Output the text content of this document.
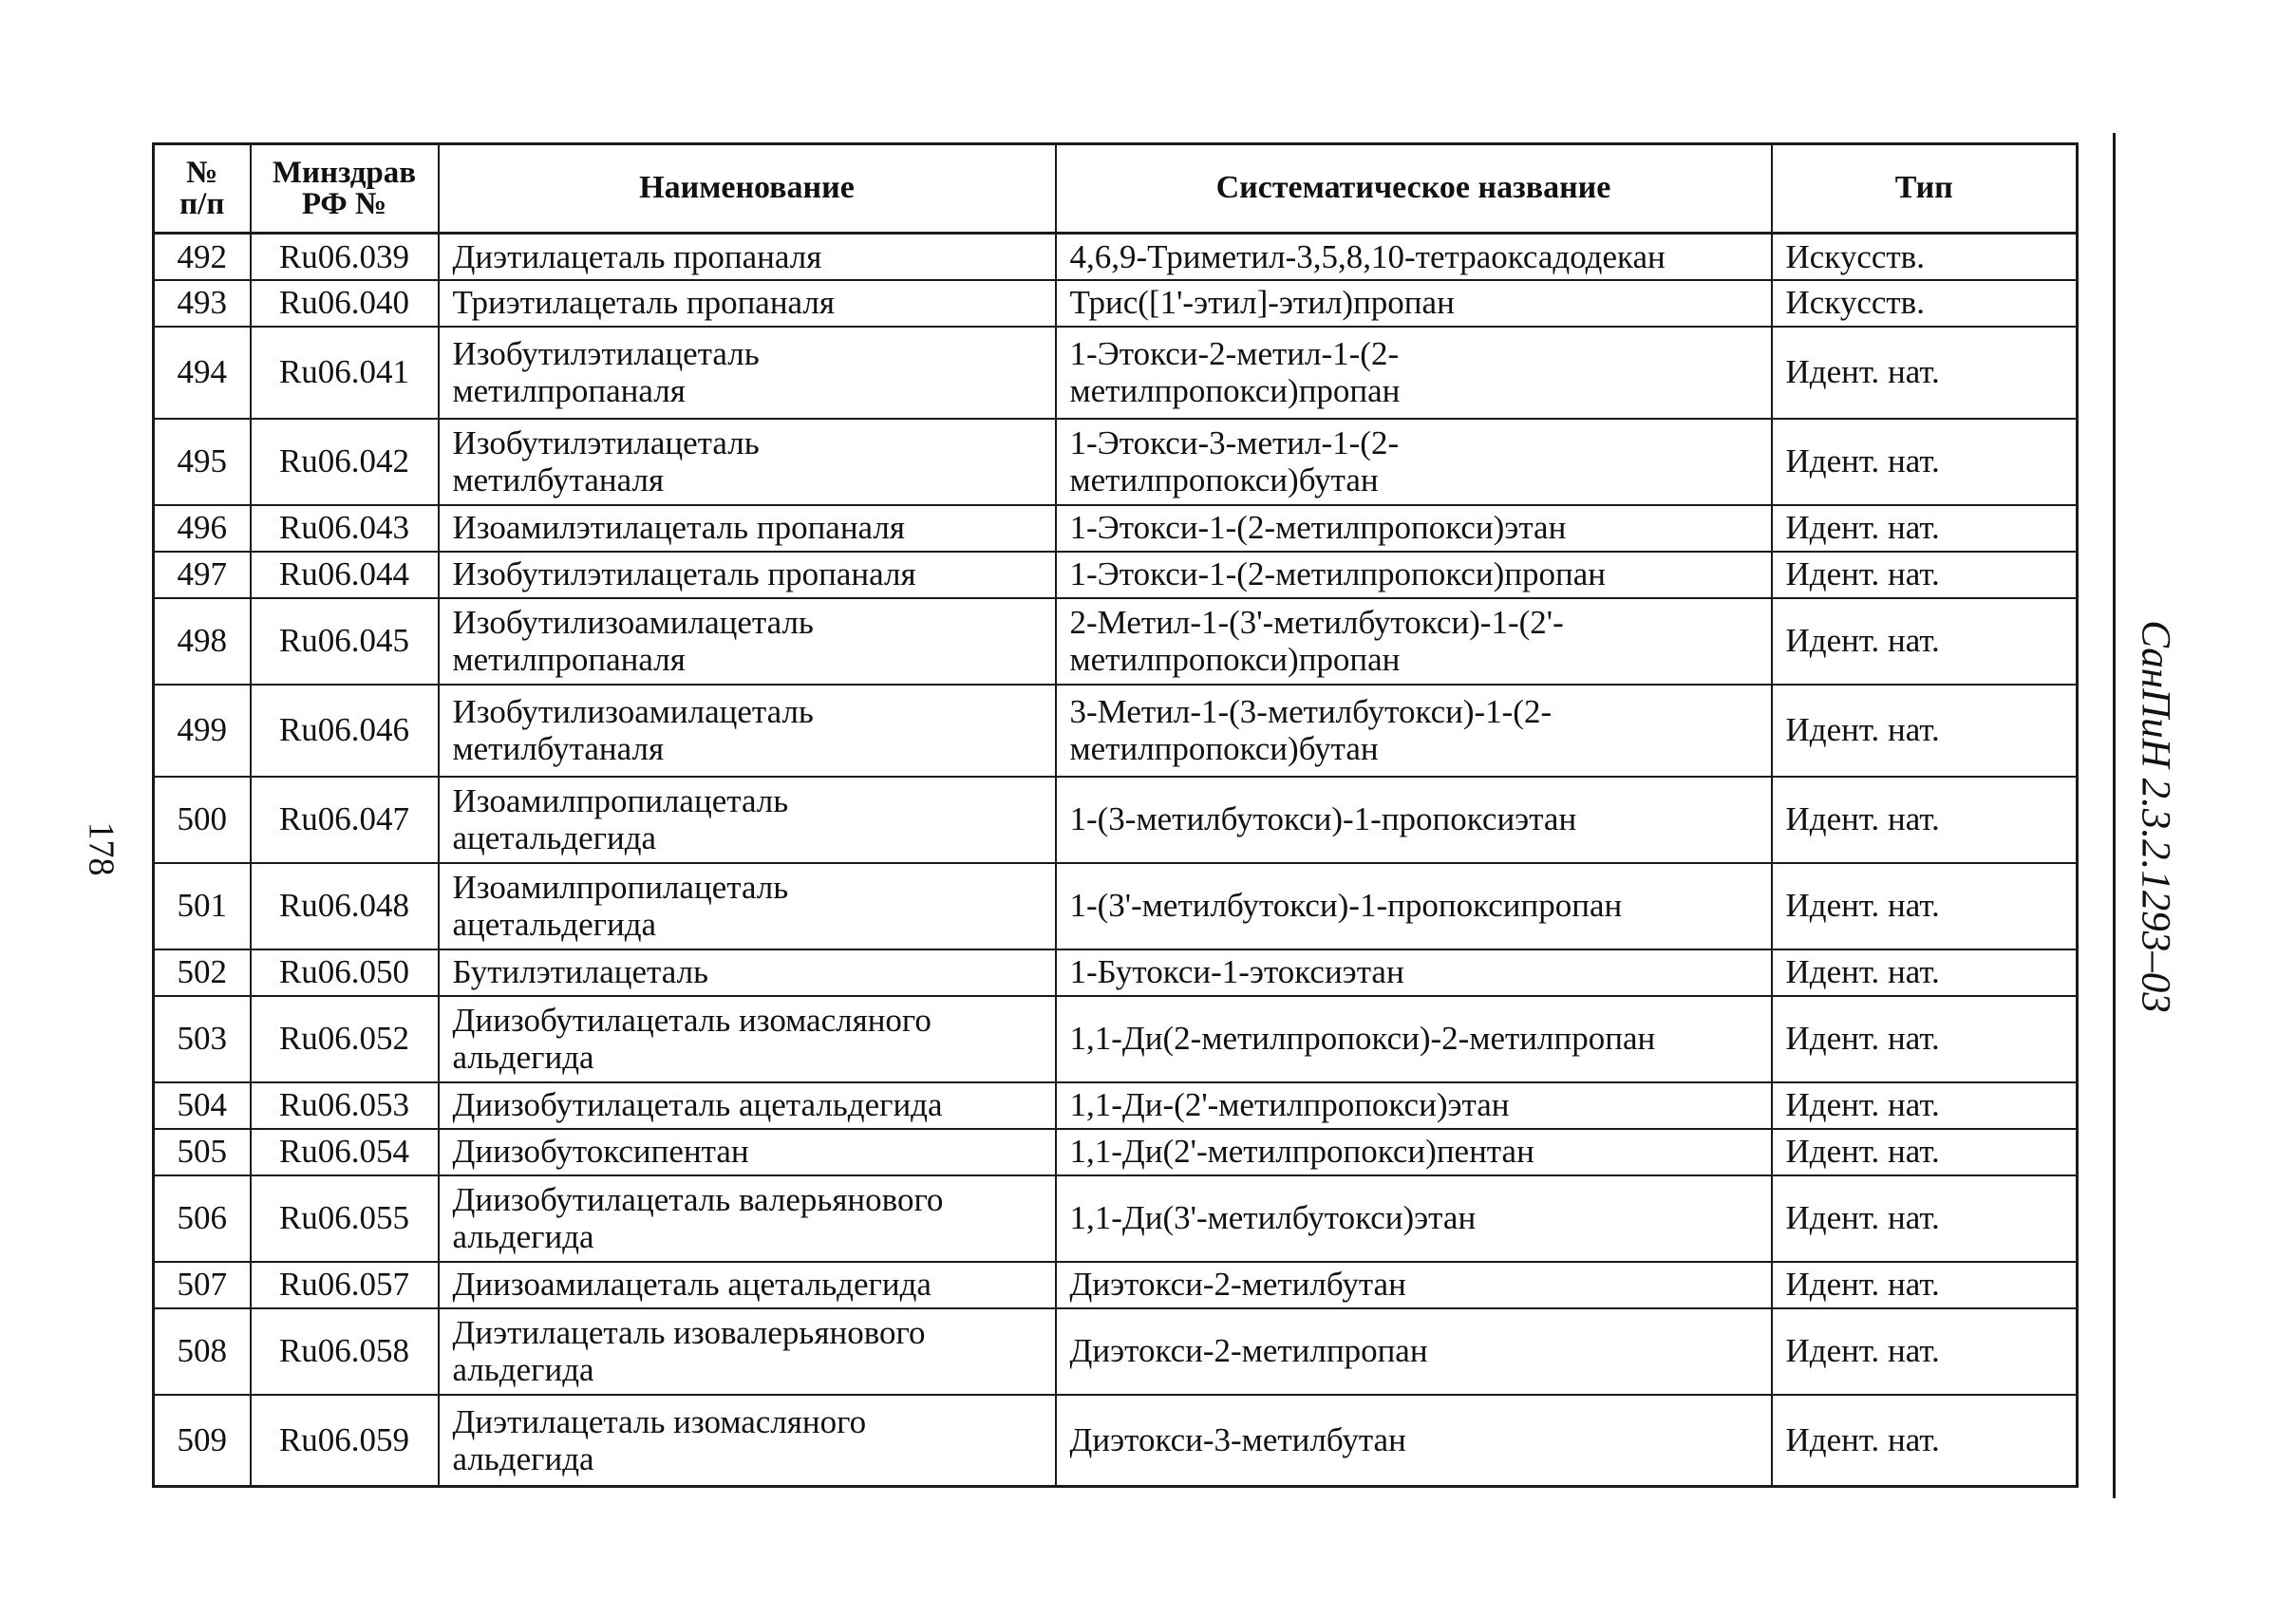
178	СанПиН 2.3.2.1293–03
№
п/п	Минздрав
РФ №	Наименование	Систематическое название	Тип
492	Ru06.039	Диэтилацеталь пропаналя	4,6,9-Триметил-3,5,8,10-тетраоксадодекан	Искусств.
493	Ru06.040	Триэтилацеталь пропаналя	Трис([1'-этил]-этил)пропан	Искусств.
494	Ru06.041	Изобутилэтилацеталь
метилпропаналя	1-Этокси-2-метил-1-(2-
метилпропокси)пропан	Идент. нат.
495	Ru06.042	Изобутилэтилацеталь
метилбутаналя	1-Этокси-3-метил-1-(2-
метилпропокси)бутан	Идент. нат.
496	Ru06.043	Изоамилэтилацеталь пропаналя	1-Этокси-1-(2-метилпропокси)этан	Идент. нат.
497	Ru06.044	Изобутилэтилацеталь пропаналя	1-Этокси-1-(2-метилпропокси)пропан	Идент. нат.
498	Ru06.045	Изобутилизоамилацеталь
метилпропаналя	2-Метил-1-(3'-метилбутокси)-1-(2'-
метилпропокси)пропан	Идент. нат.
499	Ru06.046	Изобутилизоамилацеталь
метилбутаналя	3-Метил-1-(3-метилбутокси)-1-(2-
метилпропокси)бутан	Идент. нат.
500	Ru06.047	Изоамилпропилацеталь
ацетальдегида	1-(3-метилбутокси)-1-пропоксиэтан	Идент. нат.
501	Ru06.048	Изоамилпропилацеталь
ацетальдегида	1-(3'-метилбутокси)-1-пропоксипропан	Идент. нат.
502	Ru06.050	Бутилэтилацеталь	1-Бутокси-1-этоксиэтан	Идент. нат.
503	Ru06.052	Диизобутилацеталь изомасляного
альдегида	1,1-Ди(2-метилпропокси)-2-метилпропан	Идент. нат.
504	Ru06.053	Диизобутилацеталь ацетальдегида	1,1-Ди-(2'-метилпропокси)этан	Идент. нат.
505	Ru06.054	Диизобутоксипентан	1,1-Ди(2'-метилпропокси)пентан	Идент. нат.
506	Ru06.055	Диизобутилацеталь валерьянового
альдегида	1,1-Ди(3'-метилбутокси)этан	Идент. нат.
507	Ru06.057	Диизоамилацеталь ацетальдегида	Диэтокси-2-метилбутан	Идент. нат.
508	Ru06.058	Диэтилацеталь изовалерьянового
альдегида	Диэтокси-2-метилпропан	Идент. нат.
509	Ru06.059	Диэтилацеталь изомасляного
альдегида	Диэтокси-3-метилбутан	Идент. нат.
